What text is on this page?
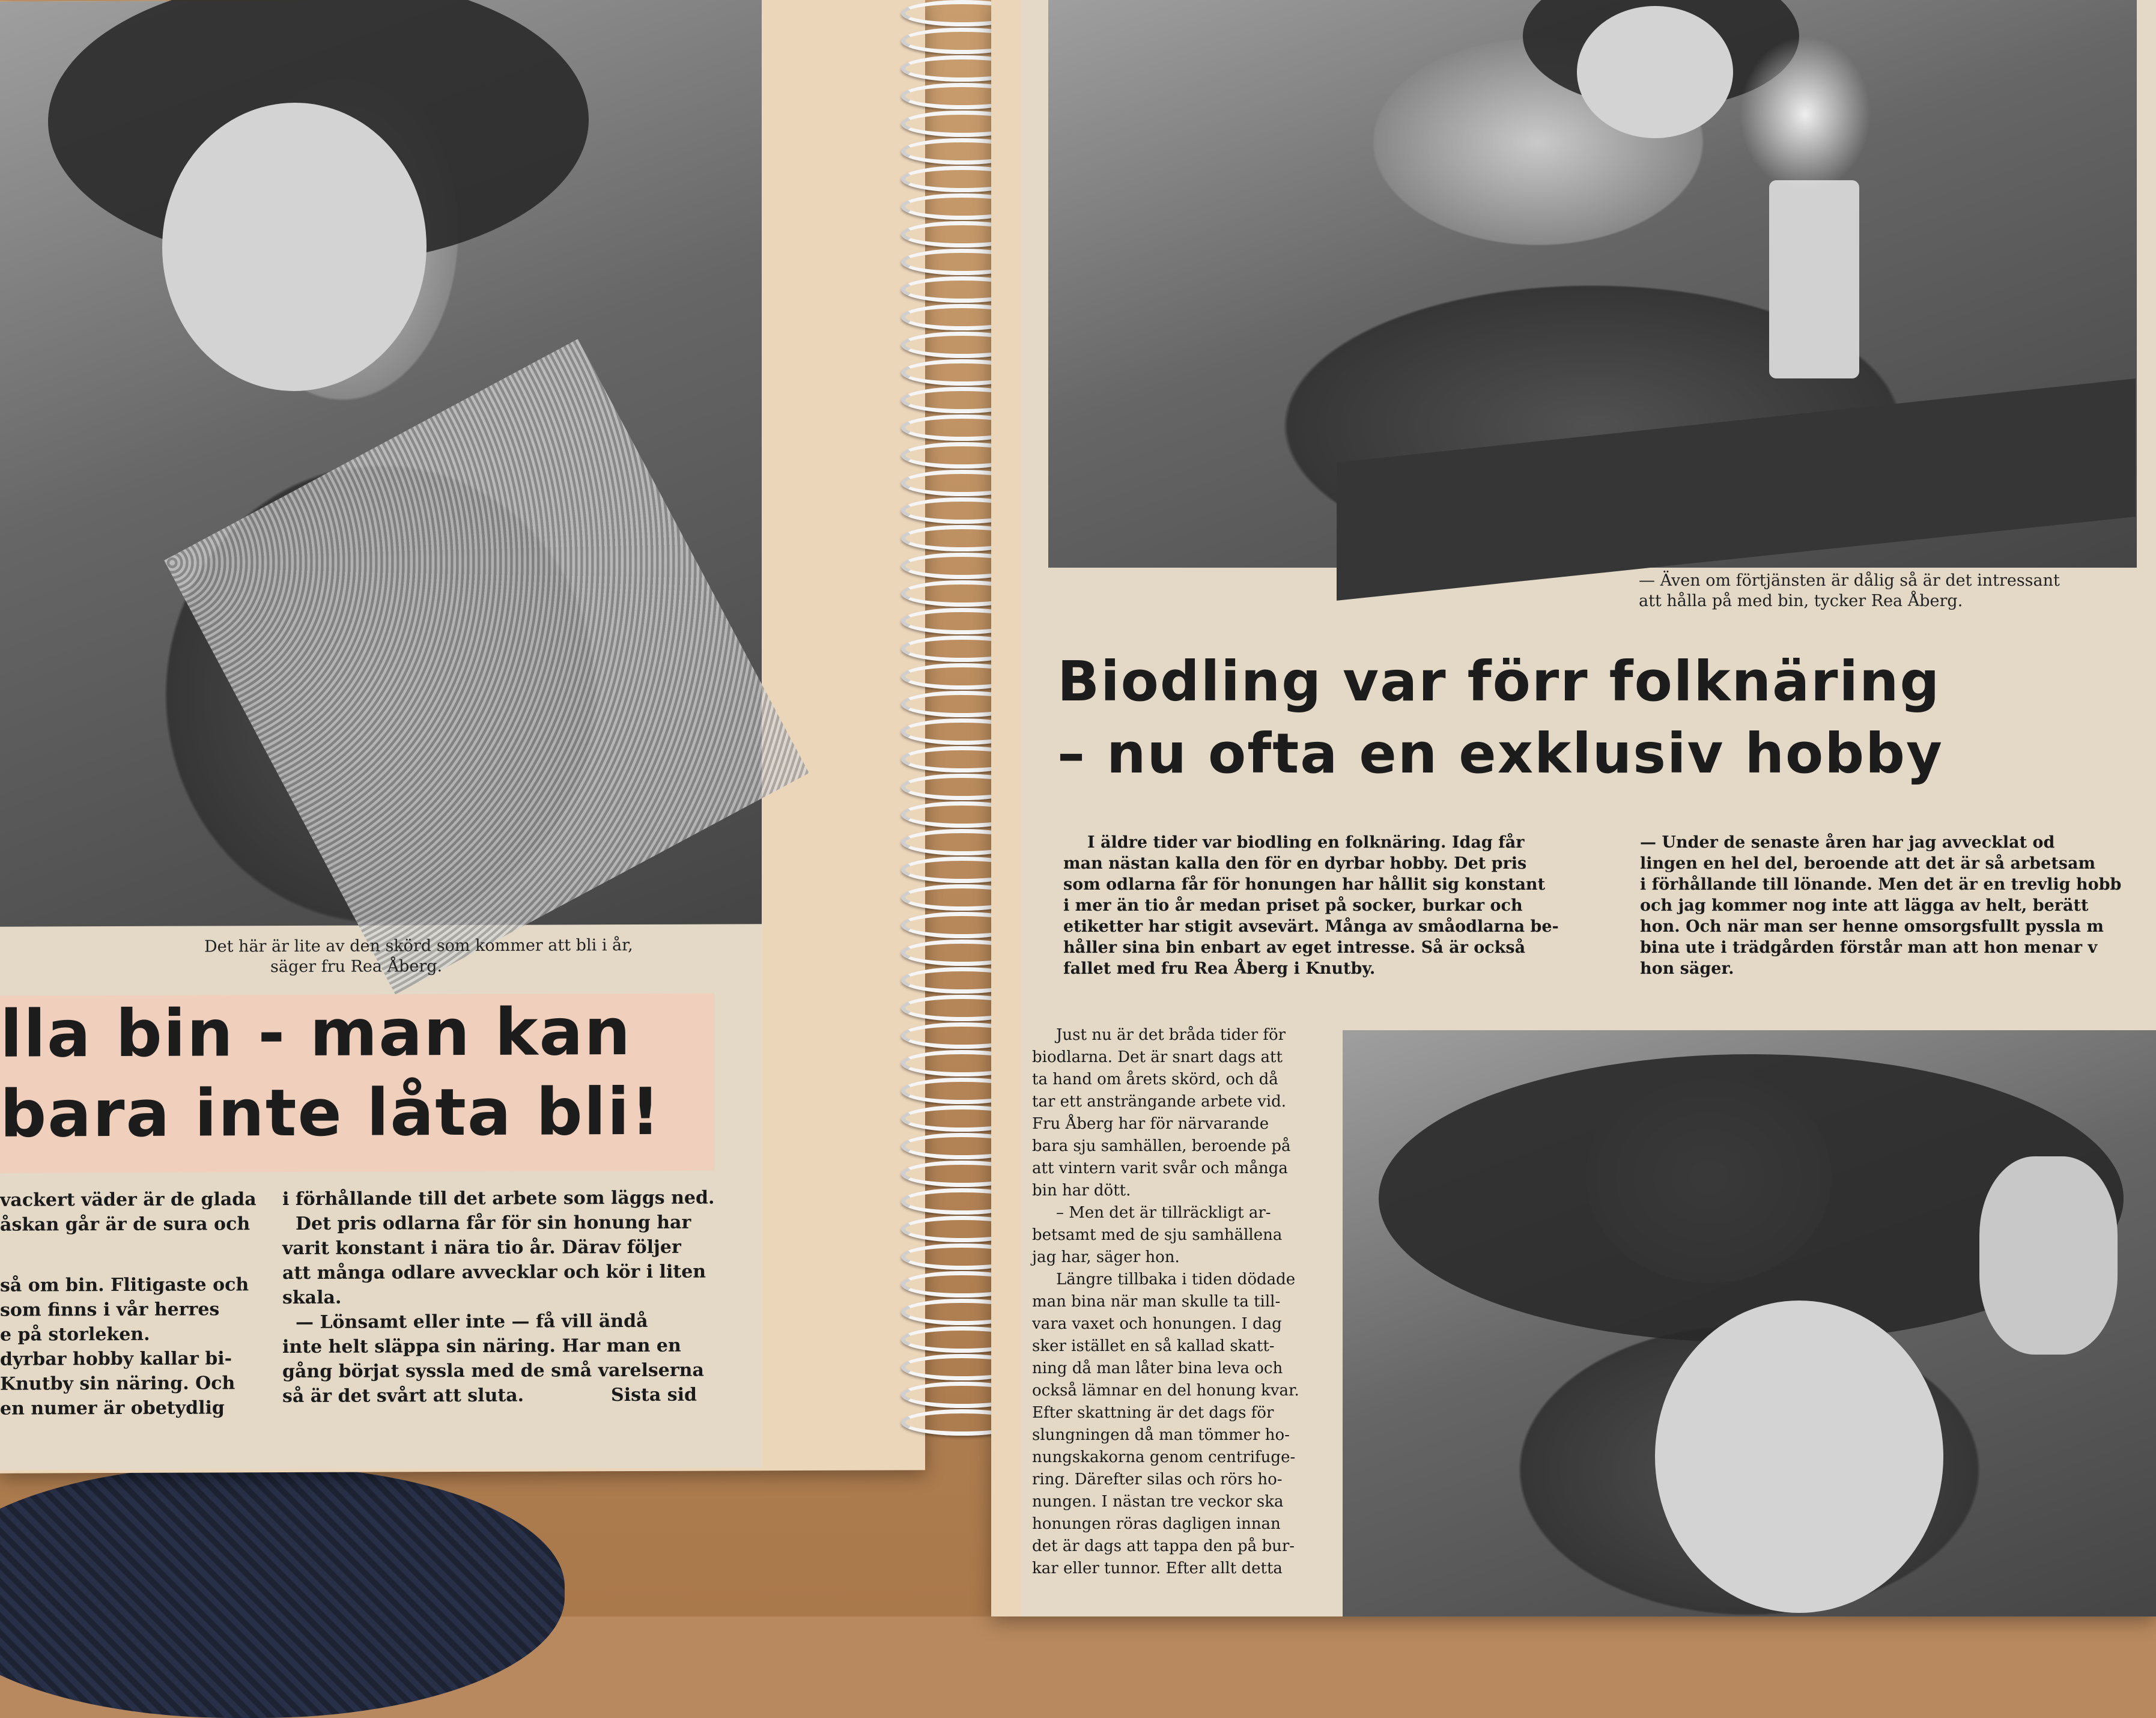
Det här är lite av den skörd som kommer att bli i år,
säger fru Rea Åberg.
lla bin - man kan
bara inte låta bli!
vackert väder är de glada
åskan går är de sura och
så om bin. Flitigaste och
som finns i vår herres
e på storleken.
dyrbar hobby kallar bi-
Knutby sin näring. Och
en numer är obetydlig
i förhållande till det arbete som läggs ned.
Det pris odlarna får för sin honung har
varit konstant i nära tio år. Därav följer
att många odlare avvecklar och kör i liten
skala.
— Lönsamt eller inte — få vill ändå
inte helt släppa sin näring. Har man en
gång börjat syssla med de små varelserna
så är det svårt att sluta.	Sista sid
— Även om förtjänsten är dålig så är det intressant
att hålla på med bin, tycker Rea Åberg.
Biodling var förr folknäring
– nu ofta en exklusiv hobby
I äldre tider var biodling en folknäring. Idag får
man nästan kalla den för en dyrbar hobby. Det pris
som odlarna får för honungen har hållit sig konstant
i mer än tio år medan priset på socker, burkar och
etiketter har stigit avsevärt. Många av småodlarna be-
håller sina bin enbart av eget intresse. Så är också
fallet med fru Rea Åberg i Knutby.
— Under de senaste åren har jag avvecklat od
lingen en hel del, beroende att det är så arbetsam
i förhållande till lönande. Men det är en trevlig hobb
och jag kommer nog inte att lägga av helt, berätt
hon. Och när man ser henne omsorgsfullt pyssla m
bina ute i trädgården förstår man att hon menar v
hon säger.
Just nu är det bråda tider för
biodlarna. Det är snart dags att
ta hand om årets skörd, och då
tar ett ansträngande arbete vid.
Fru Åberg har för närvarande
bara sju samhällen, beroende på
att vintern varit svår och många
bin har dött.
– Men det är tillräckligt ar-
betsamt med de sju samhällena
jag har, säger hon.
Längre tillbaka i tiden dödade
man bina när man skulle ta till-
vara vaxet och honungen. I dag
sker istället en så kallad skatt-
ning då man låter bina leva och
också lämnar en del honung kvar.
Efter skattning är det dags för
slungningen då man tömmer ho-
nungskakorna genom centrifuge-
ring. Därefter silas och rörs ho-
nungen. I nästan tre veckor ska
honungen röras dagligen innan
det är dags att tappa den på bur-
kar eller tunnor. Efter allt detta
